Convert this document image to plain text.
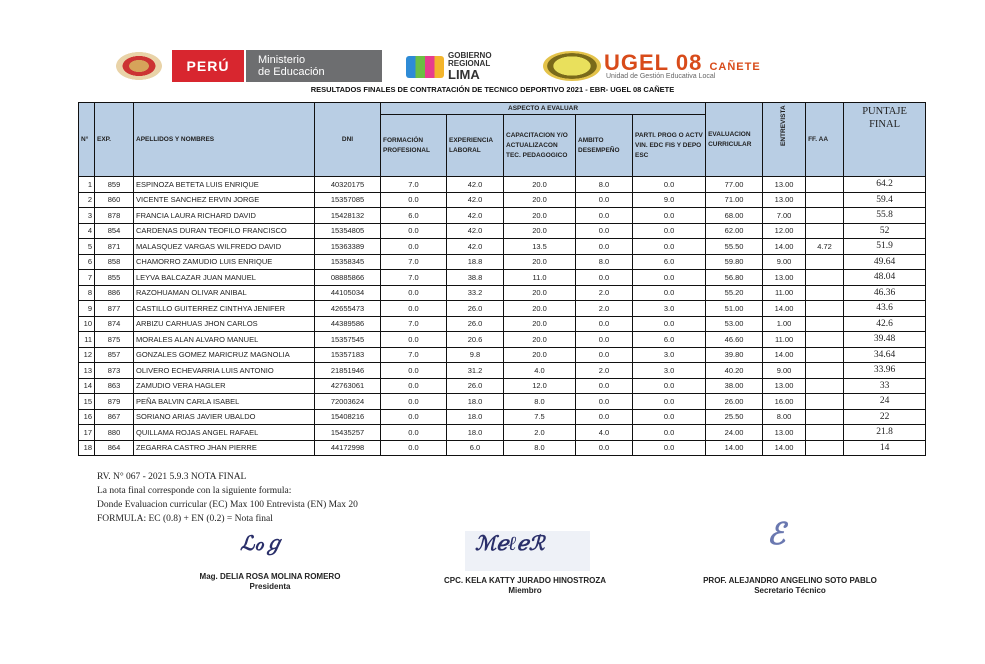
PERÚ	Ministerio
de Educación
GOBIERNO
REGIONAL
LIMA	UGEL 08 CAÑETE
Unidad de Gestión Educativa Local
RESULTADOS FINALES DE CONTRATACIÓN DE TECNICO DEPORTIVO 2021 - EBR- UGEL 08 CAÑETE
N°	EXP.	APELLIDOS Y NOMBRES	DNI	ASPECTO A EVALUAR					EVALUACION CURRICULAR	ENTREVISTA	FF. AA	PUNTAJE FINAL
				FORMACIÓN PROFESIONAL	EXPERIENCIA LABORAL	CAPACITACION Y/O ACTUALIZACON TEC. PEDAGOGICO	AMBITO DESEMPEÑO	PARTI. PROG O ACTV VIN. EDC FIS Y DEPO ESC				
1	859	ESPINOZA BETETA LUIS ENRIQUE	40320175	7.0	42.0	20.0	8.0	0.0	77.00	13.00		64.2
2	860	VICENTE SANCHEZ ERVIN JORGE	15357085	0.0	42.0	20.0	0.0	9.0	71.00	13.00		59.4
3	878	FRANCIA LAURA RICHARD DAVID	15428132	6.0	42.0	20.0	0.0	0.0	68.00	7.00		55.8
4	854	CARDENAS DURAN TEOFILO FRANCISCO	15354805	0.0	42.0	20.0	0.0	0.0	62.00	12.00		52
5	871	MALASQUEZ VARGAS WILFREDO DAVID	15363389	0.0	42.0	13.5	0.0	0.0	55.50	14.00	4.72	51.9
6	858	CHAMORRO ZAMUDIO LUIS ENRIQUE	15358345	7.0	18.8	20.0	8.0	6.0	59.80	9.00		49.64
7	855	LEYVA BALCAZAR JUAN MANUEL	08885866	7.0	38.8	11.0	0.0	0.0	56.80	13.00		48.04
8	886	RAZOHUAMAN OLIVAR ANIBAL	44105034	0.0	33.2	20.0	2.0	0.0	55.20	11.00		46.36
9	877	CASTILLO GUITERREZ CINTHYA JENIFER	42655473	0.0	26.0	20.0	2.0	3.0	51.00	14.00		43.6
10	874	ARBIZU CARHUAS JHON CARLOS	44389586	7.0	26.0	20.0	0.0	0.0	53.00	1.00		42.6
11	875	MORALES ALAN ALVARO MANUEL	15357545	0.0	20.6	20.0	0.0	6.0	46.60	11.00		39.48
12	857	GONZALES GOMEZ MARICRUZ MAGNOLIA	15357183	7.0	9.8	20.0	0.0	3.0	39.80	14.00		34.64
13	873	OLIVERO ECHEVARRIA LUIS ANTONIO	21851946	0.0	31.2	4.0	2.0	3.0	40.20	9.00		33.96
14	863	ZAMUDIO VERA HAGLER	42763061	0.0	26.0	12.0	0.0	0.0	38.00	13.00		33
15	879	PEÑA BALVIN CARLA ISABEL	72003624	0.0	18.0	8.0	0.0	0.0	26.00	16.00		24
16	867	SORIANO ARIAS JAVIER UBALDO	15408216	0.0	18.0	7.5	0.0	0.0	25.50	8.00		22
17	880	QUILLAMA ROJAS ANGEL RAFAEL	15435257	0.0	18.0	2.0	4.0	0.0	24.00	13.00		21.8
18	864	ZEGARRA CASTRO JHAN PIERRE	44172998	0.0	6.0	8.0	0.0	0.0	14.00	14.00		14
RV. N° 067 - 2021 5.9.3 NOTA FINAL
La nota final corresponde con la siguiente formula:
Donde Evaluacion curricular (EC) Max 100 Entrevista (EN) Max 20
FORMULA: EC (0.8) + EN (0.2) = Nota final
ℒℴℊ
Mag. DELIA ROSA MOLINA ROMERO
Presidenta
ℳℯℓℯℛ
CPC. KELA KATTY JURADO HINOSTROZA
Miembro
ℰ
PROF. ALEJANDRO ANGELINO SOTO PABLO
Secretario Técnico
